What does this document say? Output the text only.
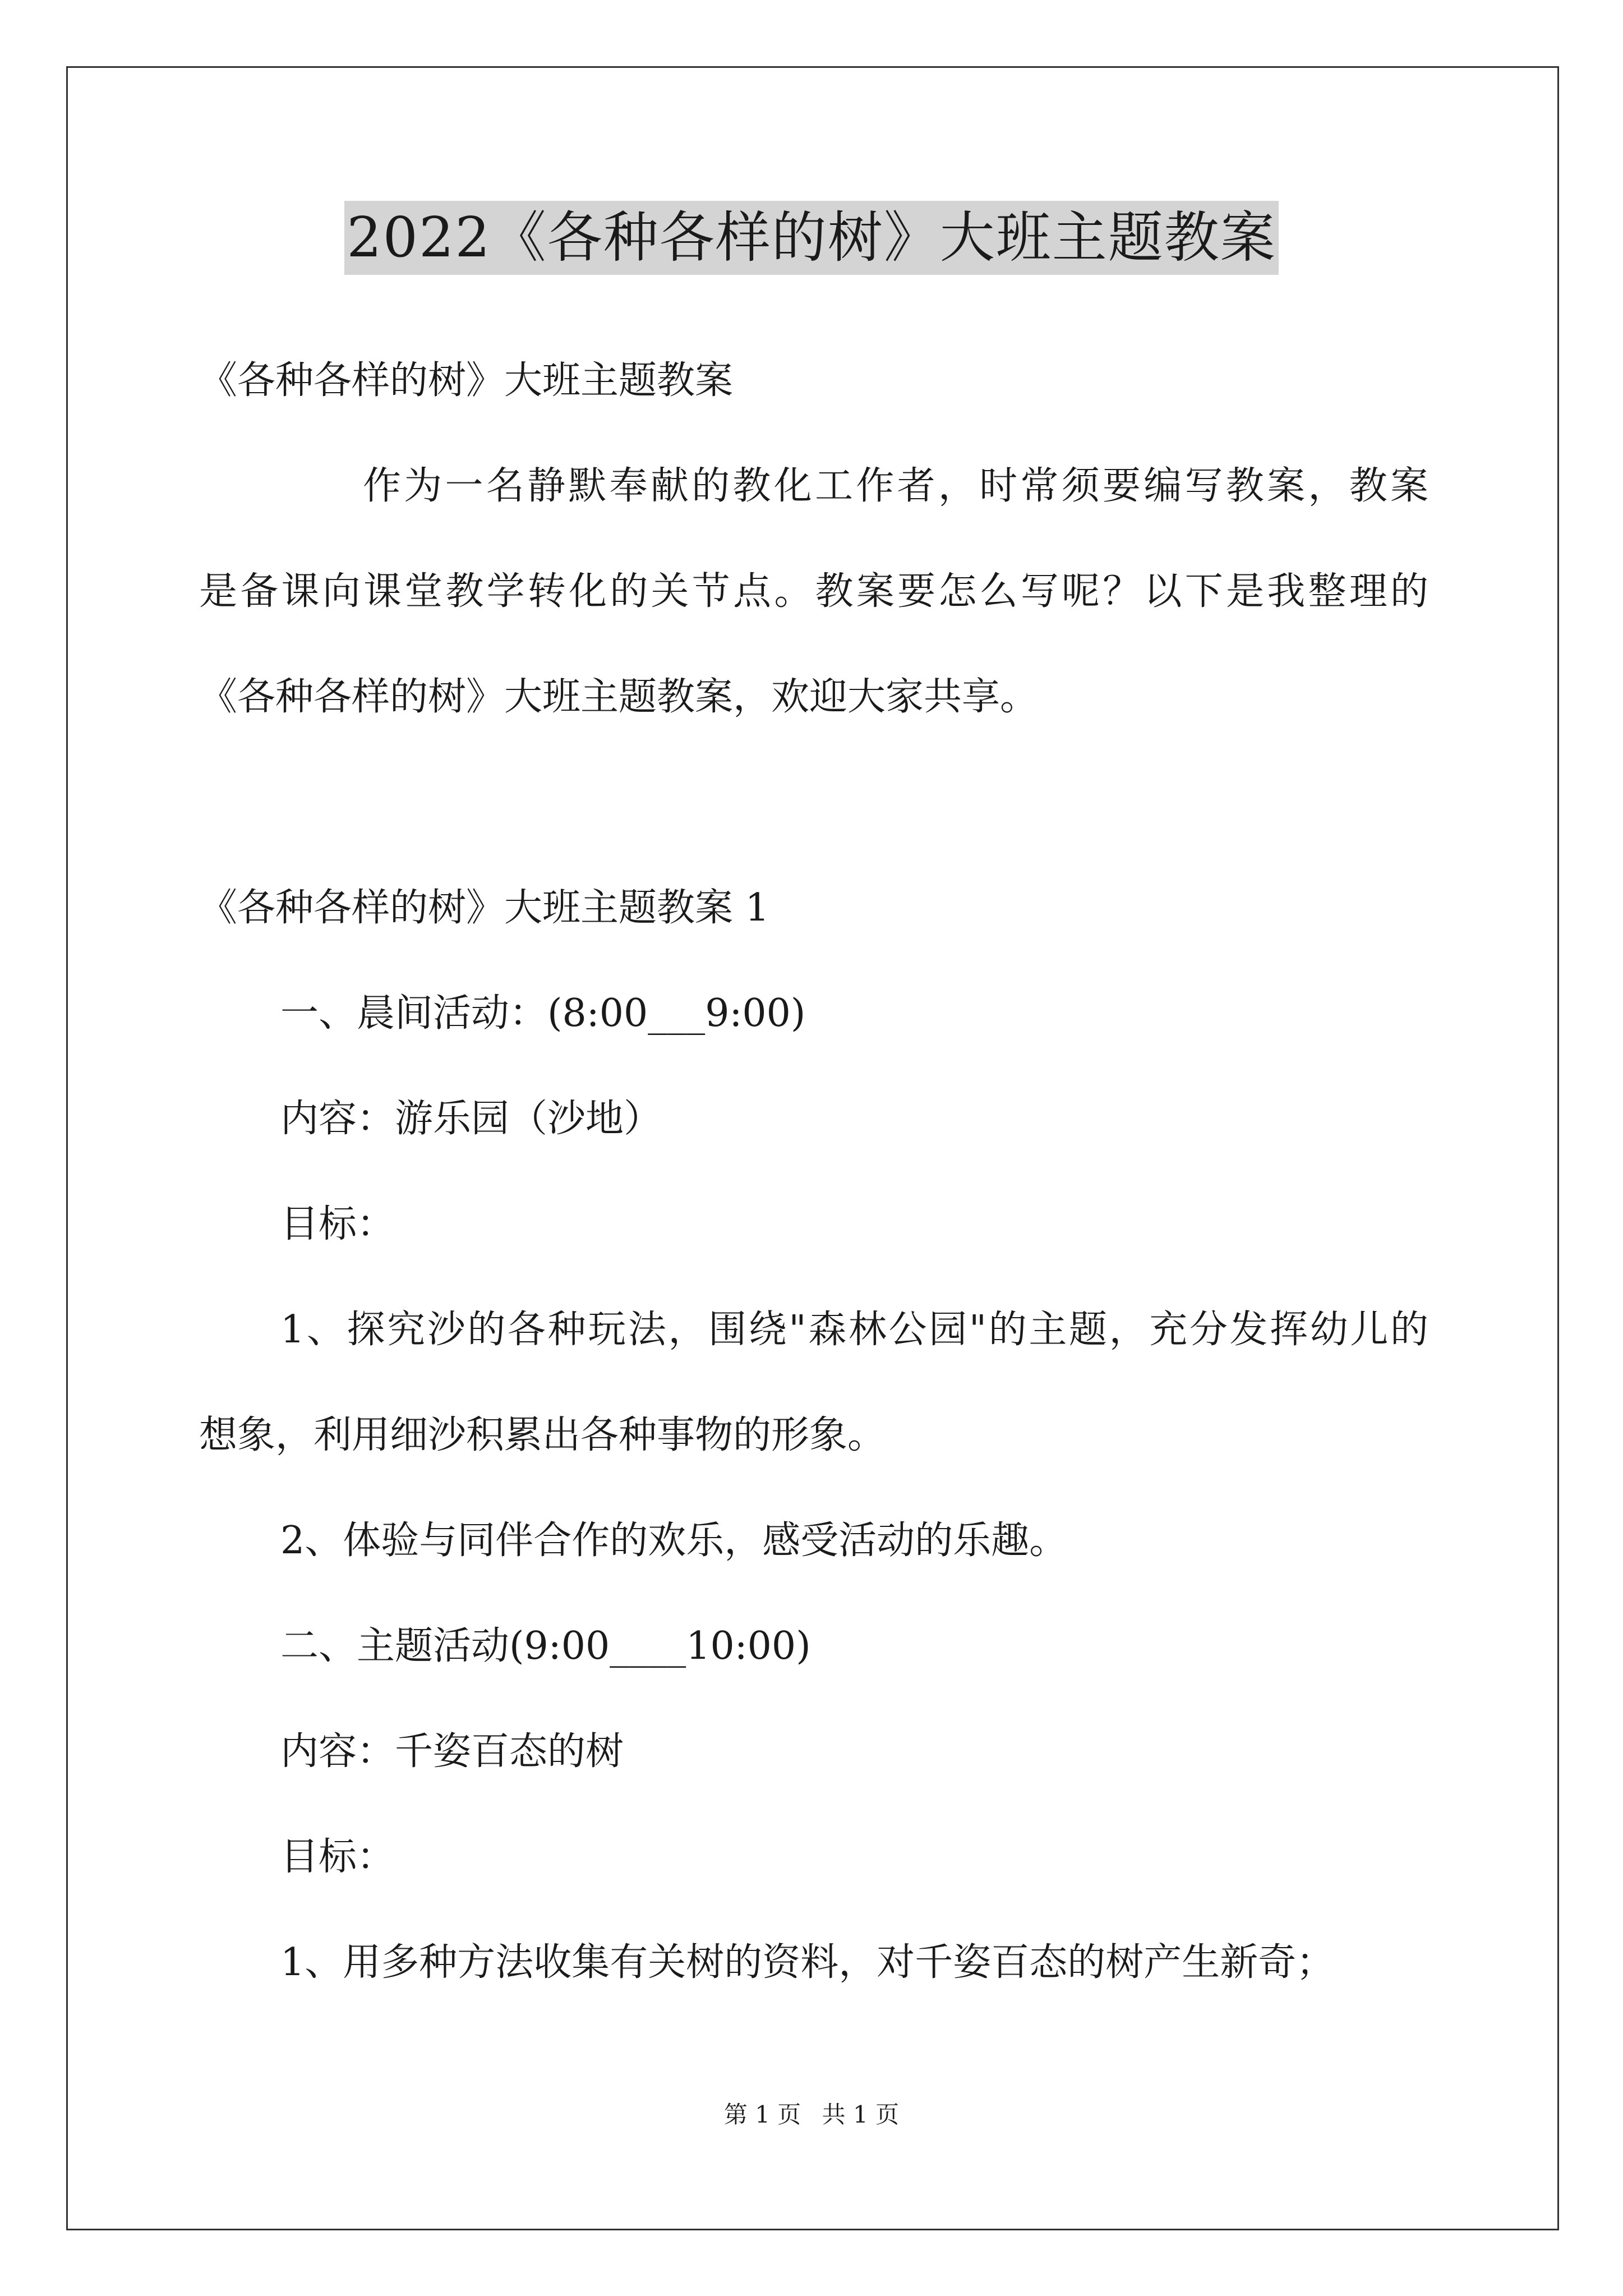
2022《各种各样的树》大班主题教案
《各种各样的树》大班主题教案
作为一名静默奉献的教化工作者，时常须要编写教案，教案
是备课向课堂教学转化的关节点。教案要怎么写呢？以下是我整理的
《各种各样的树》大班主题教案，欢迎大家共享。
《各种各样的树》大班主题教案 1
一、晨间活动：(8:00___9:00)
内容：游乐园（沙地）
目标：
1、探究沙的各种玩法，围绕"森林公园"的主题，充分发挥幼儿的
想象，利用细沙积累出各种事物的形象。
2、体验与同伴合作的欢乐，感受活动的乐趣。
二、主题活动(9:00____10:00)
内容：千姿百态的树
目标：
1、用多种方法收集有关树的资料，对千姿百态的树产生新奇；
第 1 页 共 1 页
